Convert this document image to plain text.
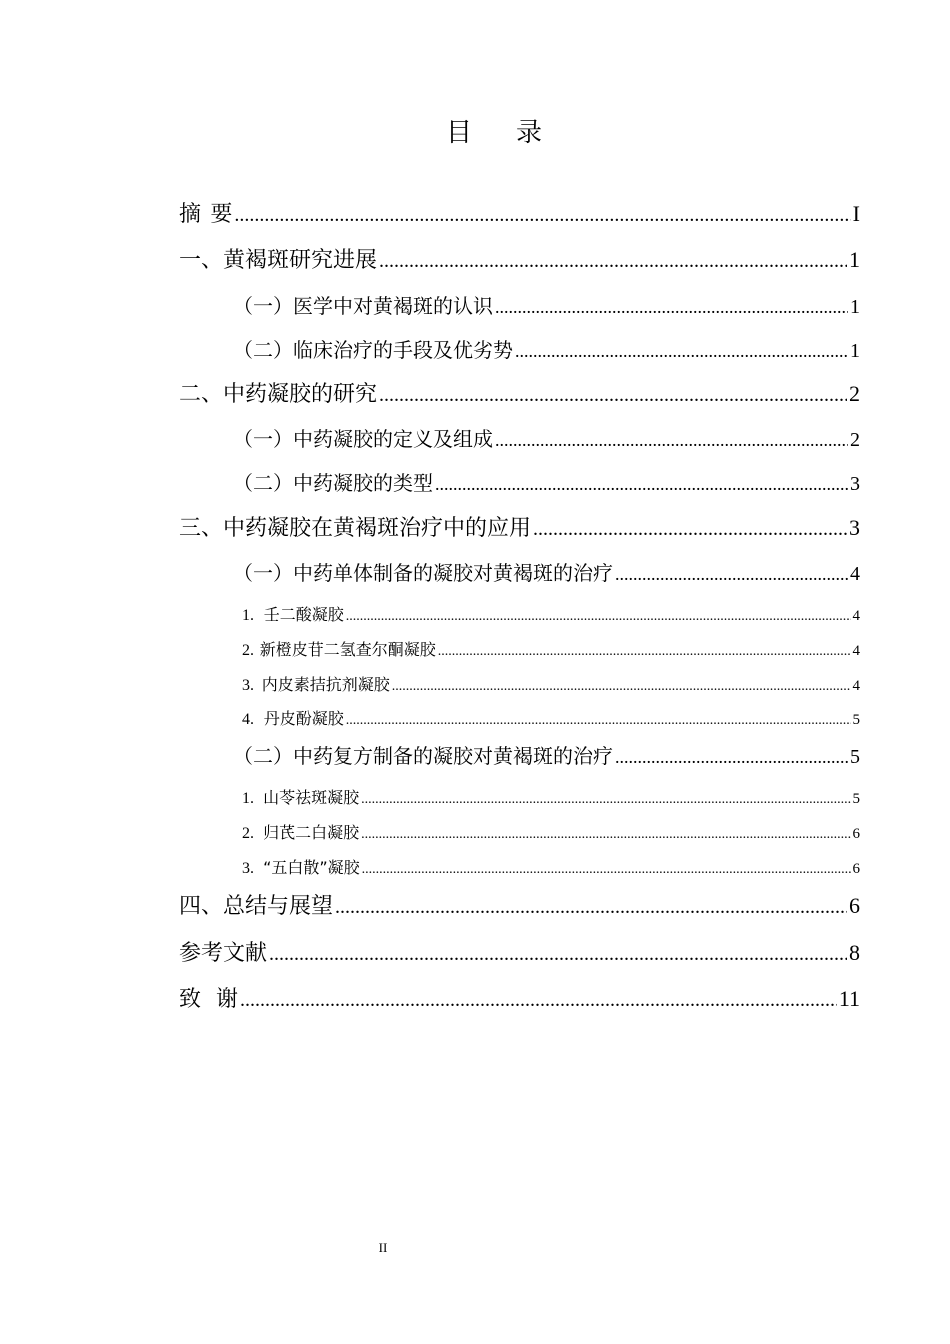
目 录
摘 要 .....	I
一、 黄褐斑研究进展 .....	1
（一） 医学中对黄褐斑的认识 .....	1
（二） 临床治疗的手段及优劣势 .....	1
二、 中药凝胶的研究 .....	2
（一） 中药凝胶的定义及组成 .....	2
（二） 中药凝胶的类型 .....	3
三、 中药凝胶在黄褐斑治疗中的应用 .....	3
（一） 中药单体制备的凝胶对黄褐斑的治疗 .....	4
1. 壬二酸凝胶 .....	4
2. 新橙皮苷二氢查尔酮凝胶 .....	4
3. 内皮素拮抗剂凝胶 .....	4
4. 丹皮酚凝胶 .....	5
（二） 中药复方制备的凝胶对黄褐斑的治疗 .....	5
1. 山苓祛斑凝胶 .....	5
2. 归芪二白凝胶 .....	6
3. “五白散”凝胶 .....	6
四、 总结与展望 .....	6
参考文献 .....	8
致 谢 .....	11
II
